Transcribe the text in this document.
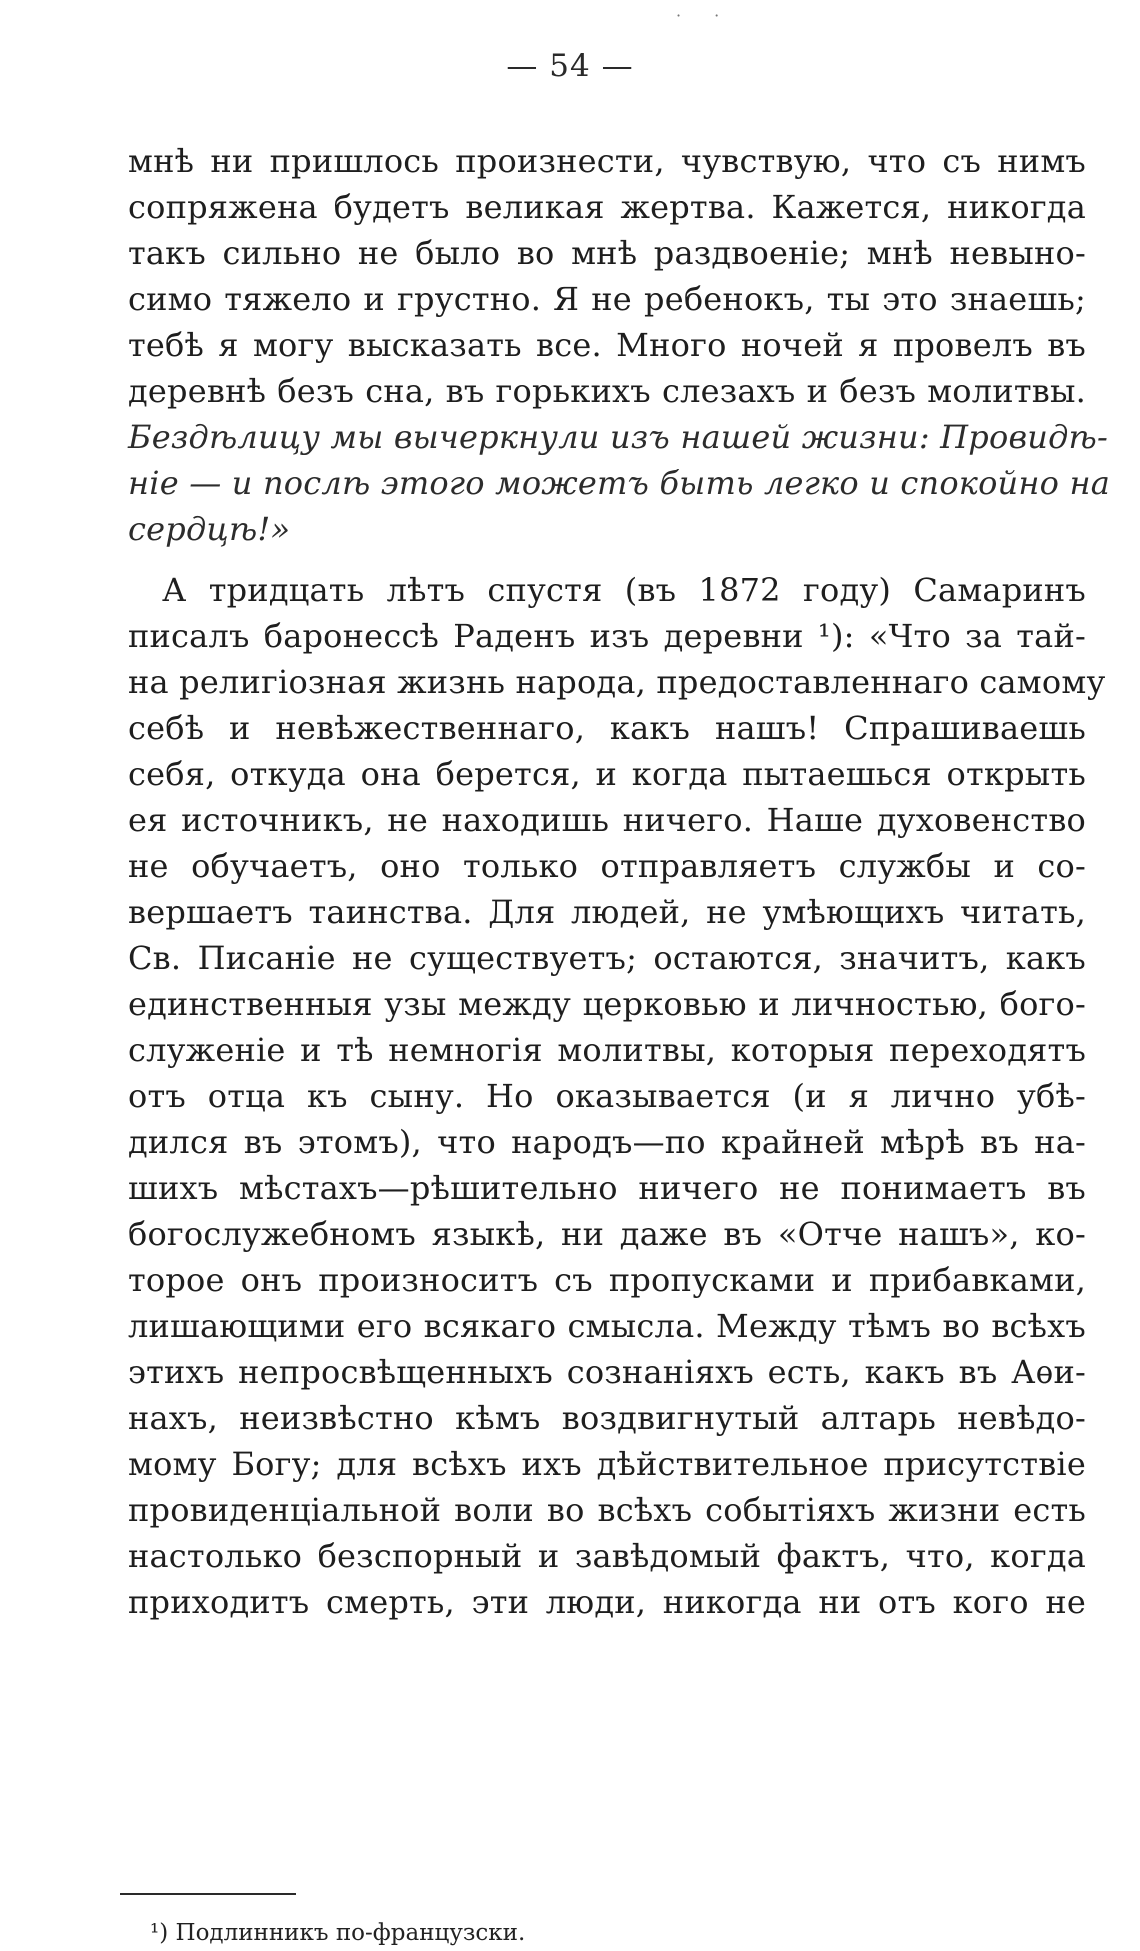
· ·
— 54 —
мнѣ ни пришлось произнести, чувствую, что съ нимъ
сопряжена будетъ великая жертва. Кажется, никогда
такъ сильно не было во мнѣ раздвоеніе; мнѣ невыно-
симо тяжело и грустно. Я не ребенокъ, ты это знаешь;
тебѣ я могу высказать все. Много ночей я провелъ въ
деревнѣ безъ сна, въ горькихъ слезахъ и безъ молитвы.
Бездѣлицу мы вычеркнули изъ нашей жизни: Провидѣ-
ніе — и послѣ этого можетъ быть легко и спокойно на
сердцѣ!»
А тридцать лѣтъ спустя (въ 1872 году) Самаринъ
писалъ баронессѣ Раденъ изъ деревни ¹): «Что за тай-
на религіозная жизнь народа, предоставленнаго самому
себѣ и невѣжественнаго, какъ нашъ! Спрашиваешь
себя, откуда она берется, и когда пытаешься открыть
ея источникъ, не находишь ничего. Наше духовенство
не обучаетъ, оно только отправляетъ службы и со-
вершаетъ таинства. Для людей, не умѣющихъ читать,
Св. Писаніе не существуетъ; остаются, значитъ, какъ
единственныя узы между церковью и личностью, бого-
служеніе и тѣ немногія молитвы, которыя переходятъ
отъ отца къ сыну. Но оказывается (и я лично убѣ-
дился въ этомъ), что народъ—по крайней мѣрѣ въ на-
шихъ мѣстахъ—рѣшительно ничего не понимаетъ въ
богослужебномъ языкѣ, ни даже въ «Отче нашъ», ко-
торое онъ произноситъ съ пропусками и прибавками,
лишающими его всякаго смысла. Между тѣмъ во всѣхъ
этихъ непросвѣщенныхъ сознаніяхъ есть, какъ въ Аѳи-
нахъ, неизвѣстно кѣмъ воздвигнутый алтарь невѣдо-
мому Богу; для всѣхъ ихъ дѣйствительное присутствіе
провиденціальной воли во всѣхъ событіяхъ жизни есть
настолько безспорный и завѣдомый фактъ, что, когда
приходитъ смерть, эти люди, никогда ни отъ кого не
¹) Подлинникъ по-французски.
